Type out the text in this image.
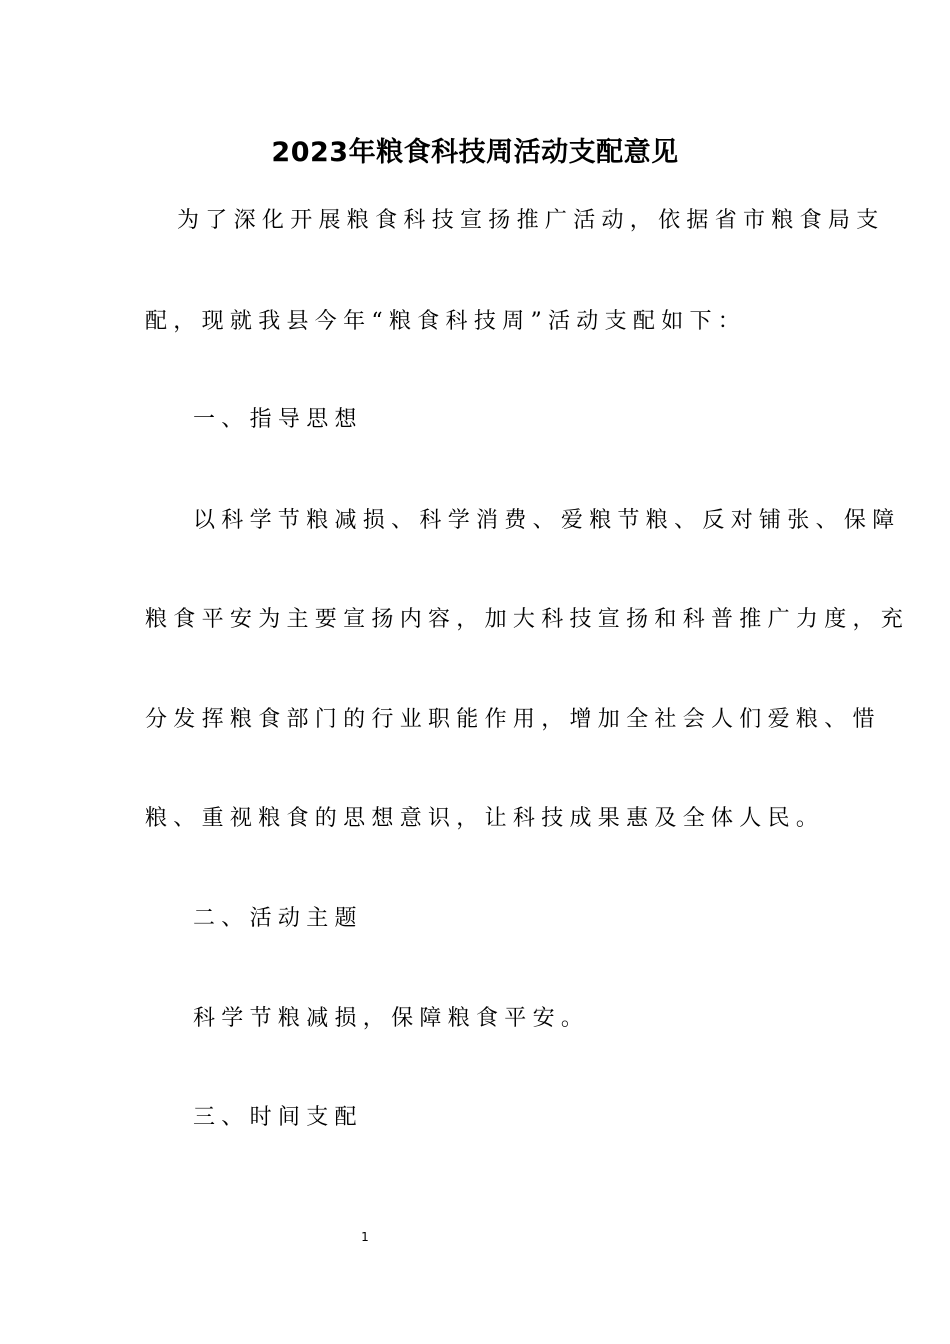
2023年粮食科技周活动支配意见
为了深化开展粮食科技宣扬推广活动，依据省市粮食局支
配，现就我县今年“粮食科技周”活动支配如下：
一、指导思想
以科学节粮减损、科学消费、爱粮节粮、反对铺张、保障
粮食平安为主要宣扬内容，加大科技宣扬和科普推广力度，充
分发挥粮食部门的行业职能作用，增加全社会人们爱粮、惜
粮、重视粮食的思想意识，让科技成果惠及全体人民。
二、活动主题
科学节粮减损，保障粮食平安。
三、时间支配
1
